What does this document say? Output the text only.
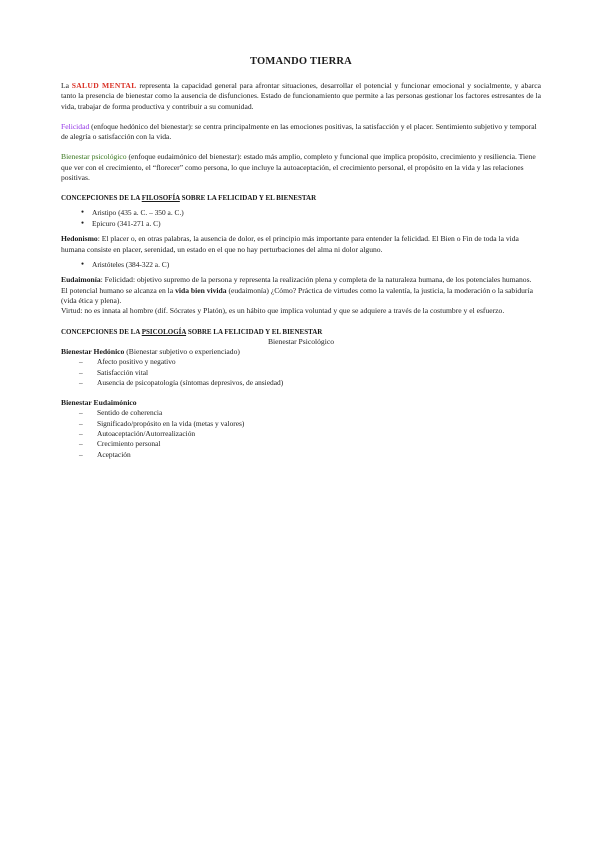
TOMANDO TIERRA

La SALUD MENTAL representa la capacidad general para afrontar situaciones, desarrollar el potencial y funcionar emocional y socialmente, y abarca tanto la presencia de bienestar como la ausencia de disfunciones. Estado de funcionamiento que permite a las personas gestionar los factores estresantes de la vida, trabajar de forma productiva y contribuir a su comunidad.

Felicidad (enfoque hedónico del bienestar): se centra principalmente en las emociones positivas, la satisfacción y el placer. Sentimiento subjetivo y temporal de alegría o satisfacción con la vida.

Bienestar psicológico (enfoque eudaimónico del bienestar): estado más amplio, completo y funcional que implica propósito, crecimiento y resiliencia. Tiene que ver con el crecimiento, el “florecer” como persona, lo que incluye la autoaceptación, el crecimiento personal, el propósito en la vida y las relaciones positivas.

CONCEPCIONES DE LA FILOSOFÍA SOBRE LA FELICIDAD Y EL BIENESTAR

● Aristipo (435 a. C. – 350 a. C.)
● Epicuro (341-271 a. C)

Hedonismo: El placer o, en otras palabras, la ausencia de dolor, es el principio más importante para entender la felicidad. El Bien o Fin de toda la vida humana consiste en placer, serenidad, un estado en el que no hay perturbaciones del alma ni dolor alguno.

● Aristóteles (384-322 a. C)

Eudaimonía: Felicidad: objetivo supremo de la persona y representa la realización plena y completa de la naturaleza humana, de los potenciales humanos.

El potencial humano se alcanza en la vida bien vivida (eudaimonía) ¿Cómo? Práctica de virtudes como la valentía, la justicia, la moderación o la sabiduría (vida ética y plena).

Virtud: no es innata al hombre (dif. Sócrates y Platón), es un hábito que implica voluntad y que se adquiere a través de la costumbre y el esfuerzo.

CONCEPCIONES DE LA PSICOLOGÍA SOBRE LA FELICIDAD Y EL BIENESTAR

Bienestar Psicológico

Bienestar Hedónico (Bienestar subjetivo o experienciado)

– Afecto positivo y negativo
– Satisfacción vital
– Ausencia de psicopatología (síntomas depresivos, de ansiedad)

Bienestar Eudaimónico

– Sentido de coherencia
– Significado/propósito en la vida (metas y valores)
– Autoaceptación/Autorrealización
– Crecimiento personal
– Aceptación
